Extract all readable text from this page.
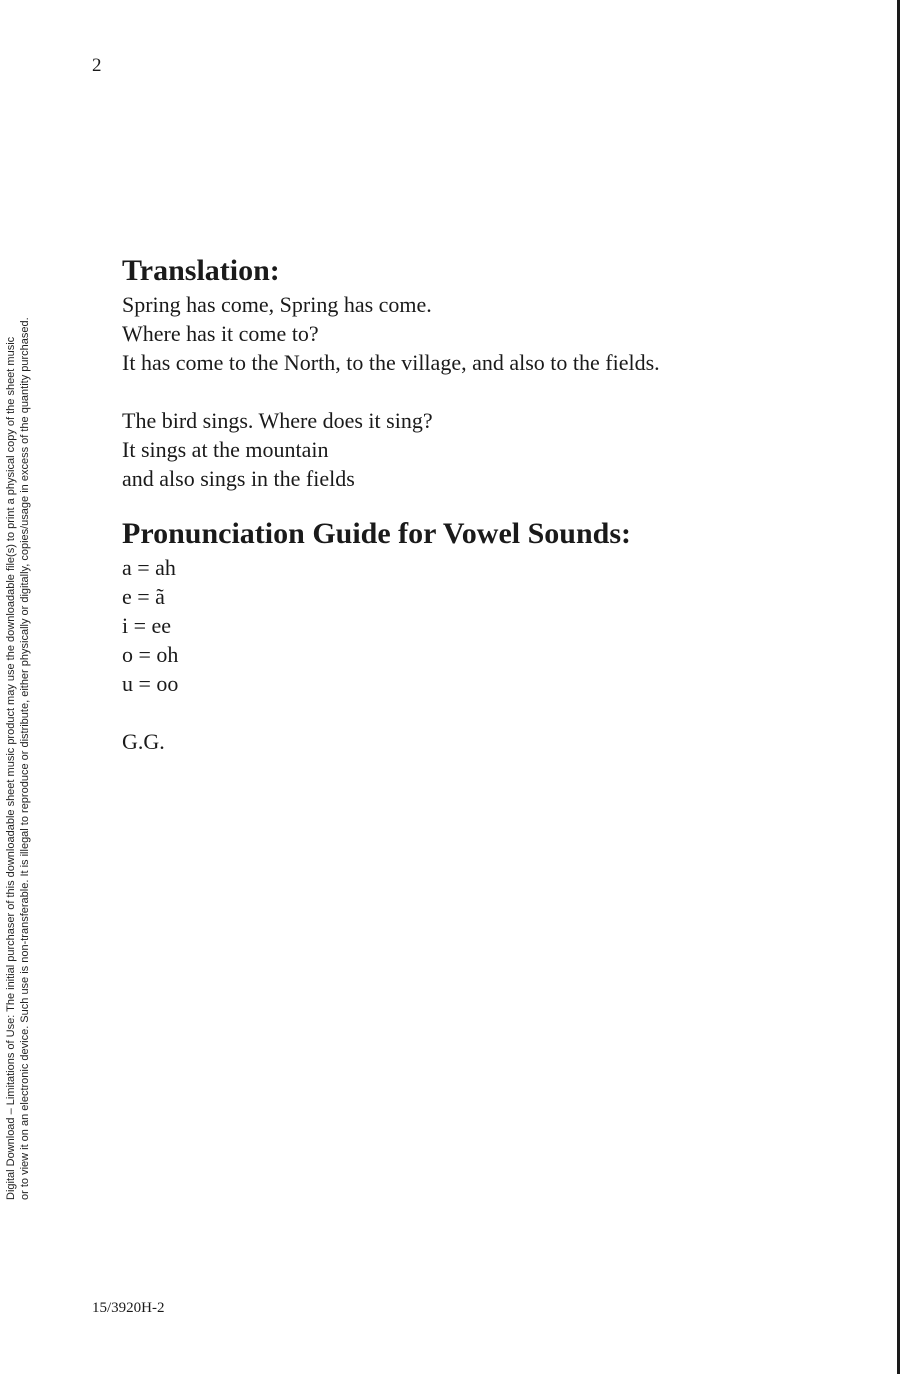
2
Digital Download – Limitations of Use: The initial purchaser of this downloadable sheet music product may use the downloadable file(s) to print a physical copy of the sheet music or to view it on an electronic device. Such use is non-transferable. It is illegal to reproduce or distribute, either physically or digitally, copies/usage in excess of the quantity purchased.
Translation:
Spring has come, Spring has come.
Where has it come to?
It has come to the North, to the village, and also to the fields.
The bird sings. Where does it sing?
It sings at the mountain
and also sings in the fields
Pronunciation Guide for Vowel Sounds:
a = ah
e = ã
i = ee
o = oh
u = oo
G.G.
15/3920H-2
